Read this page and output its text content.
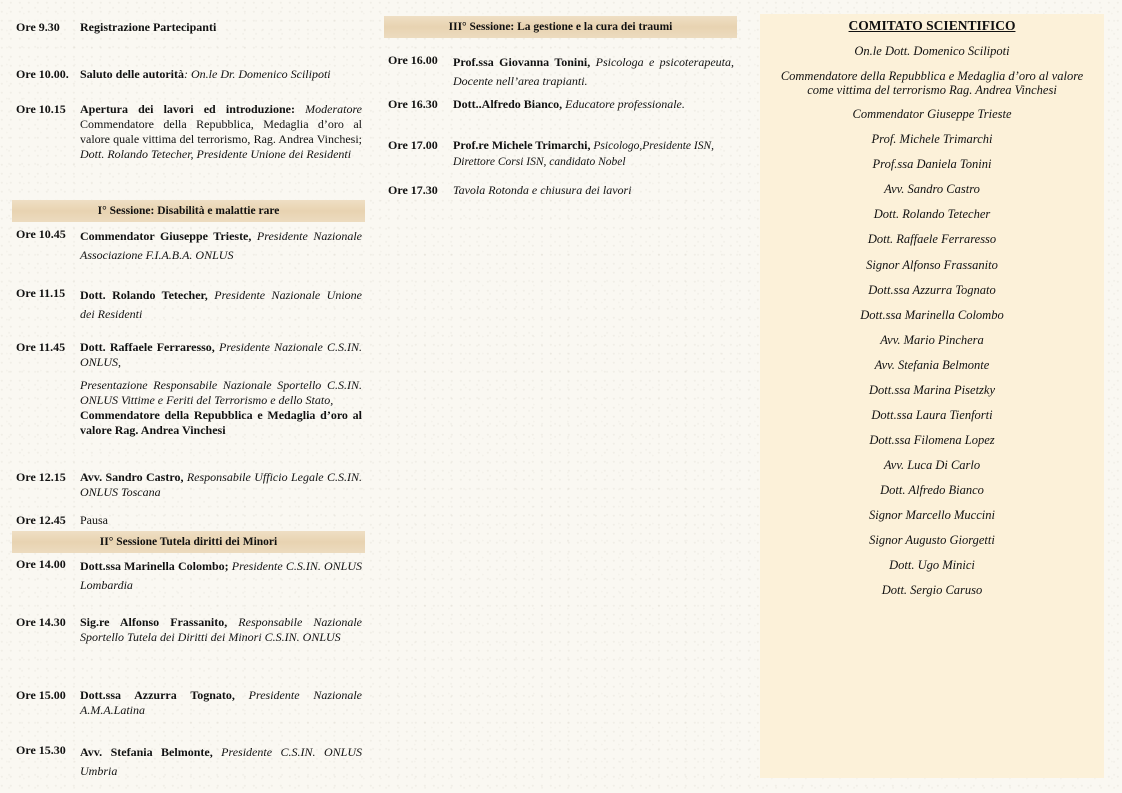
Ore 9.30	Registrazione Partecipanti
Ore 10.00. Saluto delle autorità: On.le Dr. Domenico Scilipoti
Ore 10.15	Apertura dei lavori ed introduzione: Moderatore Commendatore della Repubblica, Medaglia d’oro al valore quale vittima del terrorismo, Rag. Andrea Vinchesi; Dott. Rolando Tetecher, Presidente Unione dei Residenti
I° Sessione: Disabilità e malattie rare
Ore 10.45	Commendator Giuseppe Trieste, Presidente Nazionale Associazione F.I.A.B.A. ONLUS
Ore 11.15	Dott. Rolando Tetecher, Presidente Nazionale Unione dei Residenti
Ore 11.45	Dott. Raffaele Ferraresso, Presidente Nazionale C.S.IN. ONLUS,
Presentazione Responsabile Nazionale Sportello C.S.IN. ONLUS Vittime e Feriti del Terrorismo e dello Stato,
Commendatore della Repubblica e Medaglia d’oro al valore Rag. Andrea Vinchesi
Ore 12.15	Avv. Sandro Castro, Responsabile Ufficio Legale C.S.IN. ONLUS Toscana
Ore 12.45	Pausa
II° Sessione Tutela diritti dei Minori
Ore 14.00	Dott.ssa Marinella Colombo; Presidente C.S.IN. ONLUS Lombardia
Ore 14.30	Sig.re Alfonso Frassanito, Responsabile Nazionale Sportello Tutela dei Diritti dei Minori C.S.IN. ONLUS
Ore 15.00	Dott.ssa Azzurra Tognato, Presidente Nazionale A.M.A.Latina
Ore 15.30	Avv. Stefania Belmonte, Presidente C.S.IN. ONLUS Umbria
III° Sessione: La gestione e la cura dei traumi
Ore 16.00	Prof.ssa Giovanna Tonini, Psicologa e psicoterapeuta, Docente nell’area trapianti.
Ore 16.30	Dott..Alfredo Bianco, Educatore professionale.
Ore 17.00	Prof.re Michele Trimarchi, Psicologo,Presidente ISN, Direttore Corsi ISN, candidato Nobel
Ore 17.30	Tavola Rotonda e chiusura dei lavori
COMITATO SCIENTIFICO
On.le Dott. Domenico Scilipoti
Commendatore della Repubblica e Medaglia d’oro al valore come vittima del terrorismo Rag. Andrea Vinchesi
Commendator Giuseppe Trieste
Prof. Michele Trimarchi
Prof.ssa Daniela Tonini
Avv. Sandro Castro
Dott. Rolando Tetecher
Dott. Raffaele Ferraresso
Signor Alfonso Frassanito
Dott.ssa Azzurra Tognato
Dott.ssa Marinella Colombo
Avv. Mario Pinchera
Avv. Stefania Belmonte
Dott.ssa Marina Pisetzky
Dott.ssa Laura Tienforti
Dott.ssa Filomena Lopez
Avv. Luca Di Carlo
Dott. Alfredo Bianco
Signor Marcello Muccini
Signor Augusto Giorgetti
Dott. Ugo Minici
Dott. Sergio Caruso
